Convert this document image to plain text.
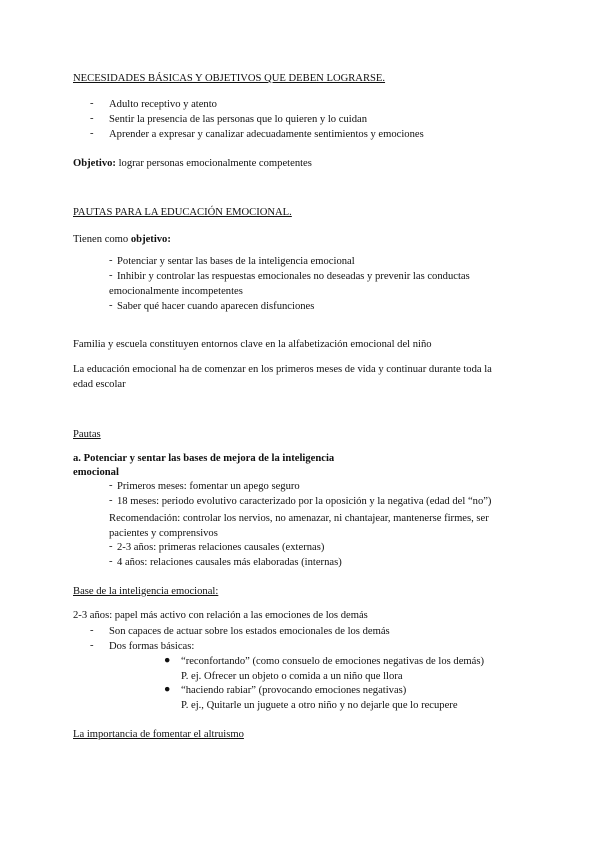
NECESIDADES BÁSICAS Y OBJETIVOS QUE DEBEN LOGRARSE.
- Adulto receptivo y atento
- Sentir la presencia de las personas que lo quieren y lo cuidan
- Aprender a expresar y canalizar adecuadamente sentimientos y emociones
Objetivo: lograr personas emocionalmente competentes
PAUTAS PARA LA EDUCACIÓN EMOCIONAL.
Tienen como objetivo:
- Potenciar y sentar las bases de la inteligencia emocional
- Inhibir y controlar las respuestas emocionales no deseadas y prevenir las conductas
emocionalmente incompetentes
- Saber qué hacer cuando aparecen disfunciones
Familia y escuela constituyen entornos clave en la alfabetización emocional del niño
La educación emocional ha de comenzar en los primeros meses de vida y continuar durante toda la
edad escolar
Pautas
a. Potenciar y sentar las bases de mejora de la inteligencia
emocional
- Primeros meses: fomentar un apego seguro
- 18 meses: periodo evolutivo caracterizado por la oposición y la negativa (edad del “no”)
Recomendación: controlar los nervios, no amenazar, ni chantajear, mantenerse firmes, ser
pacientes y comprensivos
- 2-3 años: primeras relaciones causales (externas)
- 4 años: relaciones causales más elaboradas (internas)
Base de la inteligencia emocional:
2-3 años: papel más activo con relación a las emociones de los demás
- Son capaces de actuar sobre los estados emocionales de los demás
- Dos formas básicas:
● “reconfortando” (como consuelo de emociones negativas de los demás)
P. ej. Ofrecer un objeto o comida a un niño que llora
● “haciendo rabiar” (provocando emociones negativas)
P. ej., Quitarle un juguete a otro niño y no dejarle que lo recupere
La importancia de fomentar el altruismo
